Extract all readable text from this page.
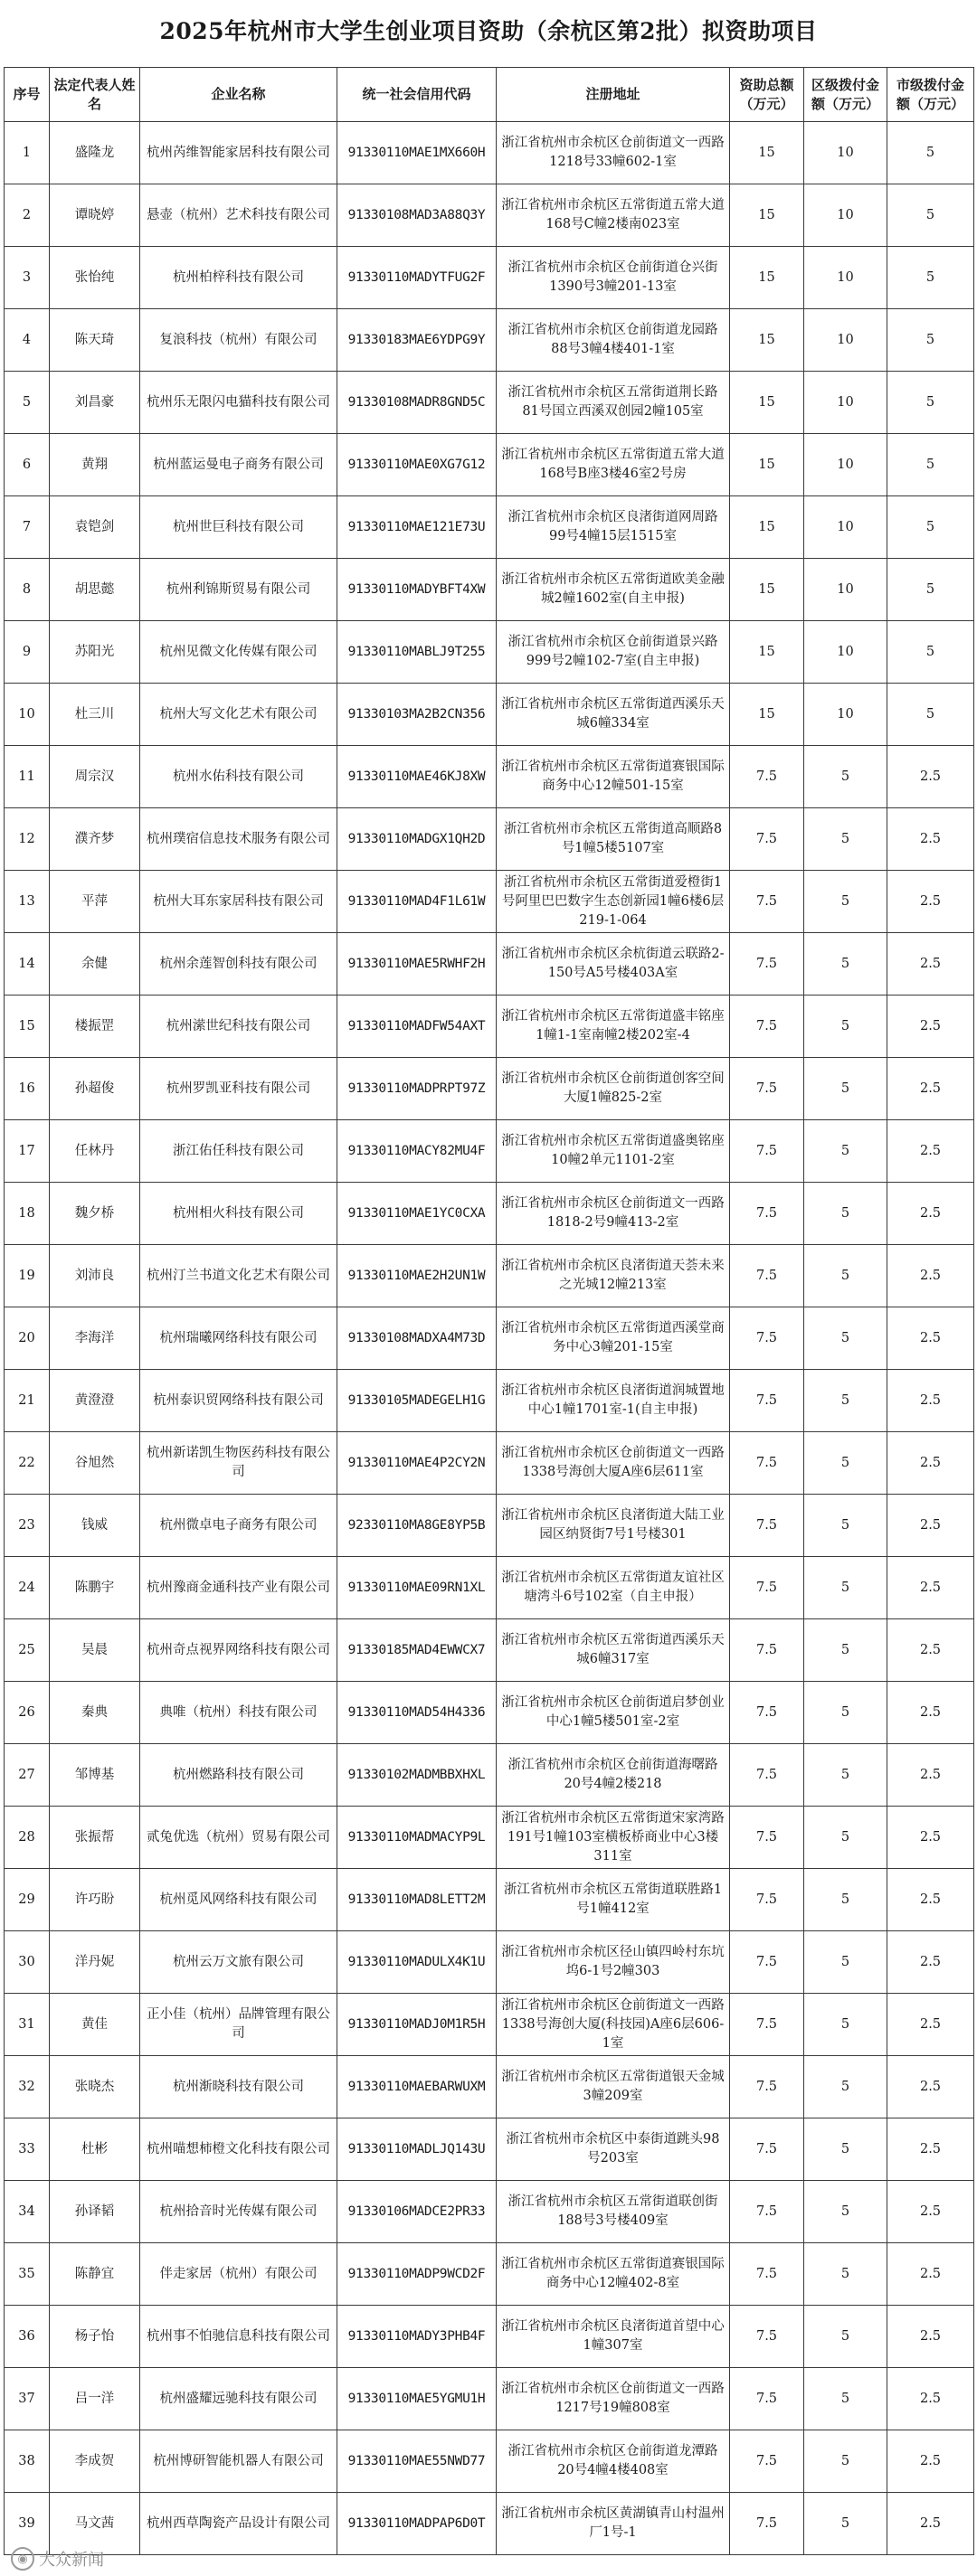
2025年杭州市大学生创业项目资助（余杭区第2批）拟资助项目
序号	法定代表人姓名	企业名称	统一社会信用代码	注册地址	资助总额（万元）	区级拨付金额（万元）	市级拨付金额（万元）

1	盛隆龙	杭州芮维智能家居科技有限公司	91330110MAE1MX660H	浙江省杭州市余杭区仓前街道文一西路1218号33幢602-1室	15	10	5

2	谭晓婷	悬壶（杭州）艺术科技有限公司	91330108MAD3A88Q3Y	浙江省杭州市余杭区五常街道五常大道168号C幢2楼南023室	15	10	5

3	张怡纯	杭州柏梓科技有限公司	91330110MADYTFUG2F	浙江省杭州市余杭区仓前街道仓兴街1390号3幢201-13室	15	10	5

4	陈天琦	复浪科技（杭州）有限公司	91330183MAE6YDPG9Y	浙江省杭州市余杭区仓前街道龙园路88号3幢4楼401-1室	15	10	5

5	刘昌豪	杭州乐无限闪电猫科技有限公司	91330108MADR8GND5C	浙江省杭州市余杭区五常街道荆长路81号国立西溪双创园2幢105室	15	10	5

6	黄翔	杭州蓝运曼电子商务有限公司	91330110MAE0XG7G12	浙江省杭州市余杭区五常街道五常大道168号B座3楼46室2号房	15	10	5

7	袁铠剑	杭州世巨科技有限公司	91330110MAE121E73U	浙江省杭州市余杭区良渚街道网周路99号4幢15层1515室	15	10	5

8	胡思懿	杭州利锦斯贸易有限公司	91330110MADYBFT4XW	浙江省杭州市余杭区五常街道欧美金融城2幢1602室(自主申报)	15	10	5

9	苏阳光	杭州见微文化传媒有限公司	91330110MABLJ9T255	浙江省杭州市余杭区仓前街道景兴路999号2幢102-7室(自主申报)	15	10	5

10	杜三川	杭州大写文化艺术有限公司	91330103MA2B2CN356	浙江省杭州市余杭区五常街道西溪乐天城6幢334室	15	10	5

11	周宗汉	杭州水佑科技有限公司	91330110MAE46KJ8XW	浙江省杭州市余杭区五常街道赛银国际商务中心12幢501-15室	7.5	5	2.5

12	濮齐梦	杭州璞宿信息技术服务有限公司	91330110MADGX1QH2D	浙江省杭州市余杭区五常街道高顺路8号1幢5楼5107室	7.5	5	2.5

13	平萍	杭州大耳东家居科技有限公司	91330110MAD4F1L61W	浙江省杭州市余杭区五常街道爱橙街1号阿里巴巴数字生态创新园1幢6楼6层219-1-064	7.5	5	2.5

14	余健	杭州余莲智创科技有限公司	91330110MAE5RWHF2H	浙江省杭州市余杭区余杭街道云联路2-150号A5号楼403A室	7.5	5	2.5

15	楼振罡	杭州潆世纪科技有限公司	91330110MADFW54AXT	浙江省杭州市余杭区五常街道盛丰铭座1幢1-1室南幢2楼202室-4	7.5	5	2.5

16	孙超俊	杭州罗凯亚科技有限公司	91330110MADPRPT97Z	浙江省杭州市余杭区仓前街道创客空间大厦1幢825-2室	7.5	5	2.5

17	任林丹	浙江佑任科技有限公司	91330110MACY82MU4F	浙江省杭州市余杭区五常街道盛奥铭座10幢2单元1101-2室	7.5	5	2.5

18	魏夕桥	杭州相火科技有限公司	91330110MAE1YC0CXA	浙江省杭州市余杭区仓前街道文一西路1818-2号9幢413-2室	7.5	5	2.5

19	刘沛良	杭州汀兰书道文化艺术有限公司	91330110MAE2H2UN1W	浙江省杭州市余杭区良渚街道天荟未来之光城12幢213室	7.5	5	2.5

20	李海洋	杭州瑞曦网络科技有限公司	91330108MADXA4M73D	浙江省杭州市余杭区五常街道西溪堂商务中心3幢201-15室	7.5	5	2.5

21	黄澄澄	杭州泰识贸网络科技有限公司	91330105MADEGELH1G	浙江省杭州市余杭区良渚街道润城置地中心1幢1701室-1(自主申报)	7.5	5	2.5

22	谷旭然	杭州新诺凯生物医药科技有限公司	91330110MAE4P2CY2N	浙江省杭州市余杭区仓前街道文一西路1338号海创大厦A座6层611室	7.5	5	2.5

23	钱威	杭州微卓电子商务有限公司	92330110MA8GE8YP5B	浙江省杭州市余杭区良渚街道大陆工业园区纳贤街7号1号楼301	7.5	5	2.5

24	陈鹏宇	杭州豫商金通科技产业有限公司	91330110MAE09RN1XL	浙江省杭州市余杭区五常街道友谊社区塘湾斗6号102室（自主申报）	7.5	5	2.5

25	吴晨	杭州奇点视界网络科技有限公司	91330185MAD4EWWCX7	浙江省杭州市余杭区五常街道西溪乐天城6幢317室	7.5	5	2.5

26	秦典	典唯（杭州）科技有限公司	91330110MAD54H4336	浙江省杭州市余杭区仓前街道启梦创业中心1幢5楼501室-2室	7.5	5	2.5

27	邹博基	杭州燃路科技有限公司	91330102MADMBBXHXL	浙江省杭州市余杭区仓前街道海曙路20号4幢2楼218	7.5	5	2.5

28	张振帮	贰兔优选（杭州）贸易有限公司	91330110MADMACYP9L	浙江省杭州市余杭区五常街道宋家湾路191号1幢103室横板桥商业中心3楼311室	7.5	5	2.5

29	许巧盼	杭州觅风网络科技有限公司	91330110MAD8LETT2M	浙江省杭州市余杭区五常街道联胜路1号1幢412室	7.5	5	2.5

30	洋丹妮	杭州云万文旅有限公司	91330110MADULX4K1U	浙江省杭州市余杭区径山镇四岭村东坑坞6-1号2幢303	7.5	5	2.5

31	黄佳	正小佳（杭州）品牌管理有限公司	91330110MADJ0M1R5H	浙江省杭州市余杭区仓前街道文一西路1338号海创大厦(科技园)A座6层606-1室	7.5	5	2.5

32	张晓杰	杭州渐晓科技有限公司	91330110MAEBARWUXM	浙江省杭州市余杭区五常街道银天金城3幢209室	7.5	5	2.5

33	杜彬	杭州喵想柿橙文化科技有限公司	91330110MADLJQ143U	浙江省杭州市余杭区中泰街道跳头98号203室	7.5	5	2.5

34	孙译韬	杭州拾音时光传媒有限公司	91330106MADCE2PR33	浙江省杭州市余杭区五常街道联创街188号3号楼409室	7.5	5	2.5

35	陈静宜	伴走家居（杭州）有限公司	91330110MADP9WCD2F	浙江省杭州市余杭区五常街道赛银国际商务中心12幢402-8室	7.5	5	2.5

36	杨子怡	杭州事不怕驰信息科技有限公司	91330110MADY3PHB4F	浙江省杭州市余杭区良渚街道首望中心1幢307室	7.5	5	2.5

37	吕一洋	杭州盛耀远驰科技有限公司	91330110MAE5YGMU1H	浙江省杭州市余杭区仓前街道文一西路1217号19幢808室	7.5	5	2.5

38	李成贺	杭州博研智能机器人有限公司	91330110MAE55NWD77	浙江省杭州市余杭区仓前街道龙潭路20号4幢4楼408室	7.5	5	2.5

39	马文茜	杭州西草陶瓷产品设计有限公司	91330110MADPAP6D0T	浙江省杭州市余杭区黄湖镇青山村温州厂1号-1	7.5	5	2.5
◉ 大众新闻
